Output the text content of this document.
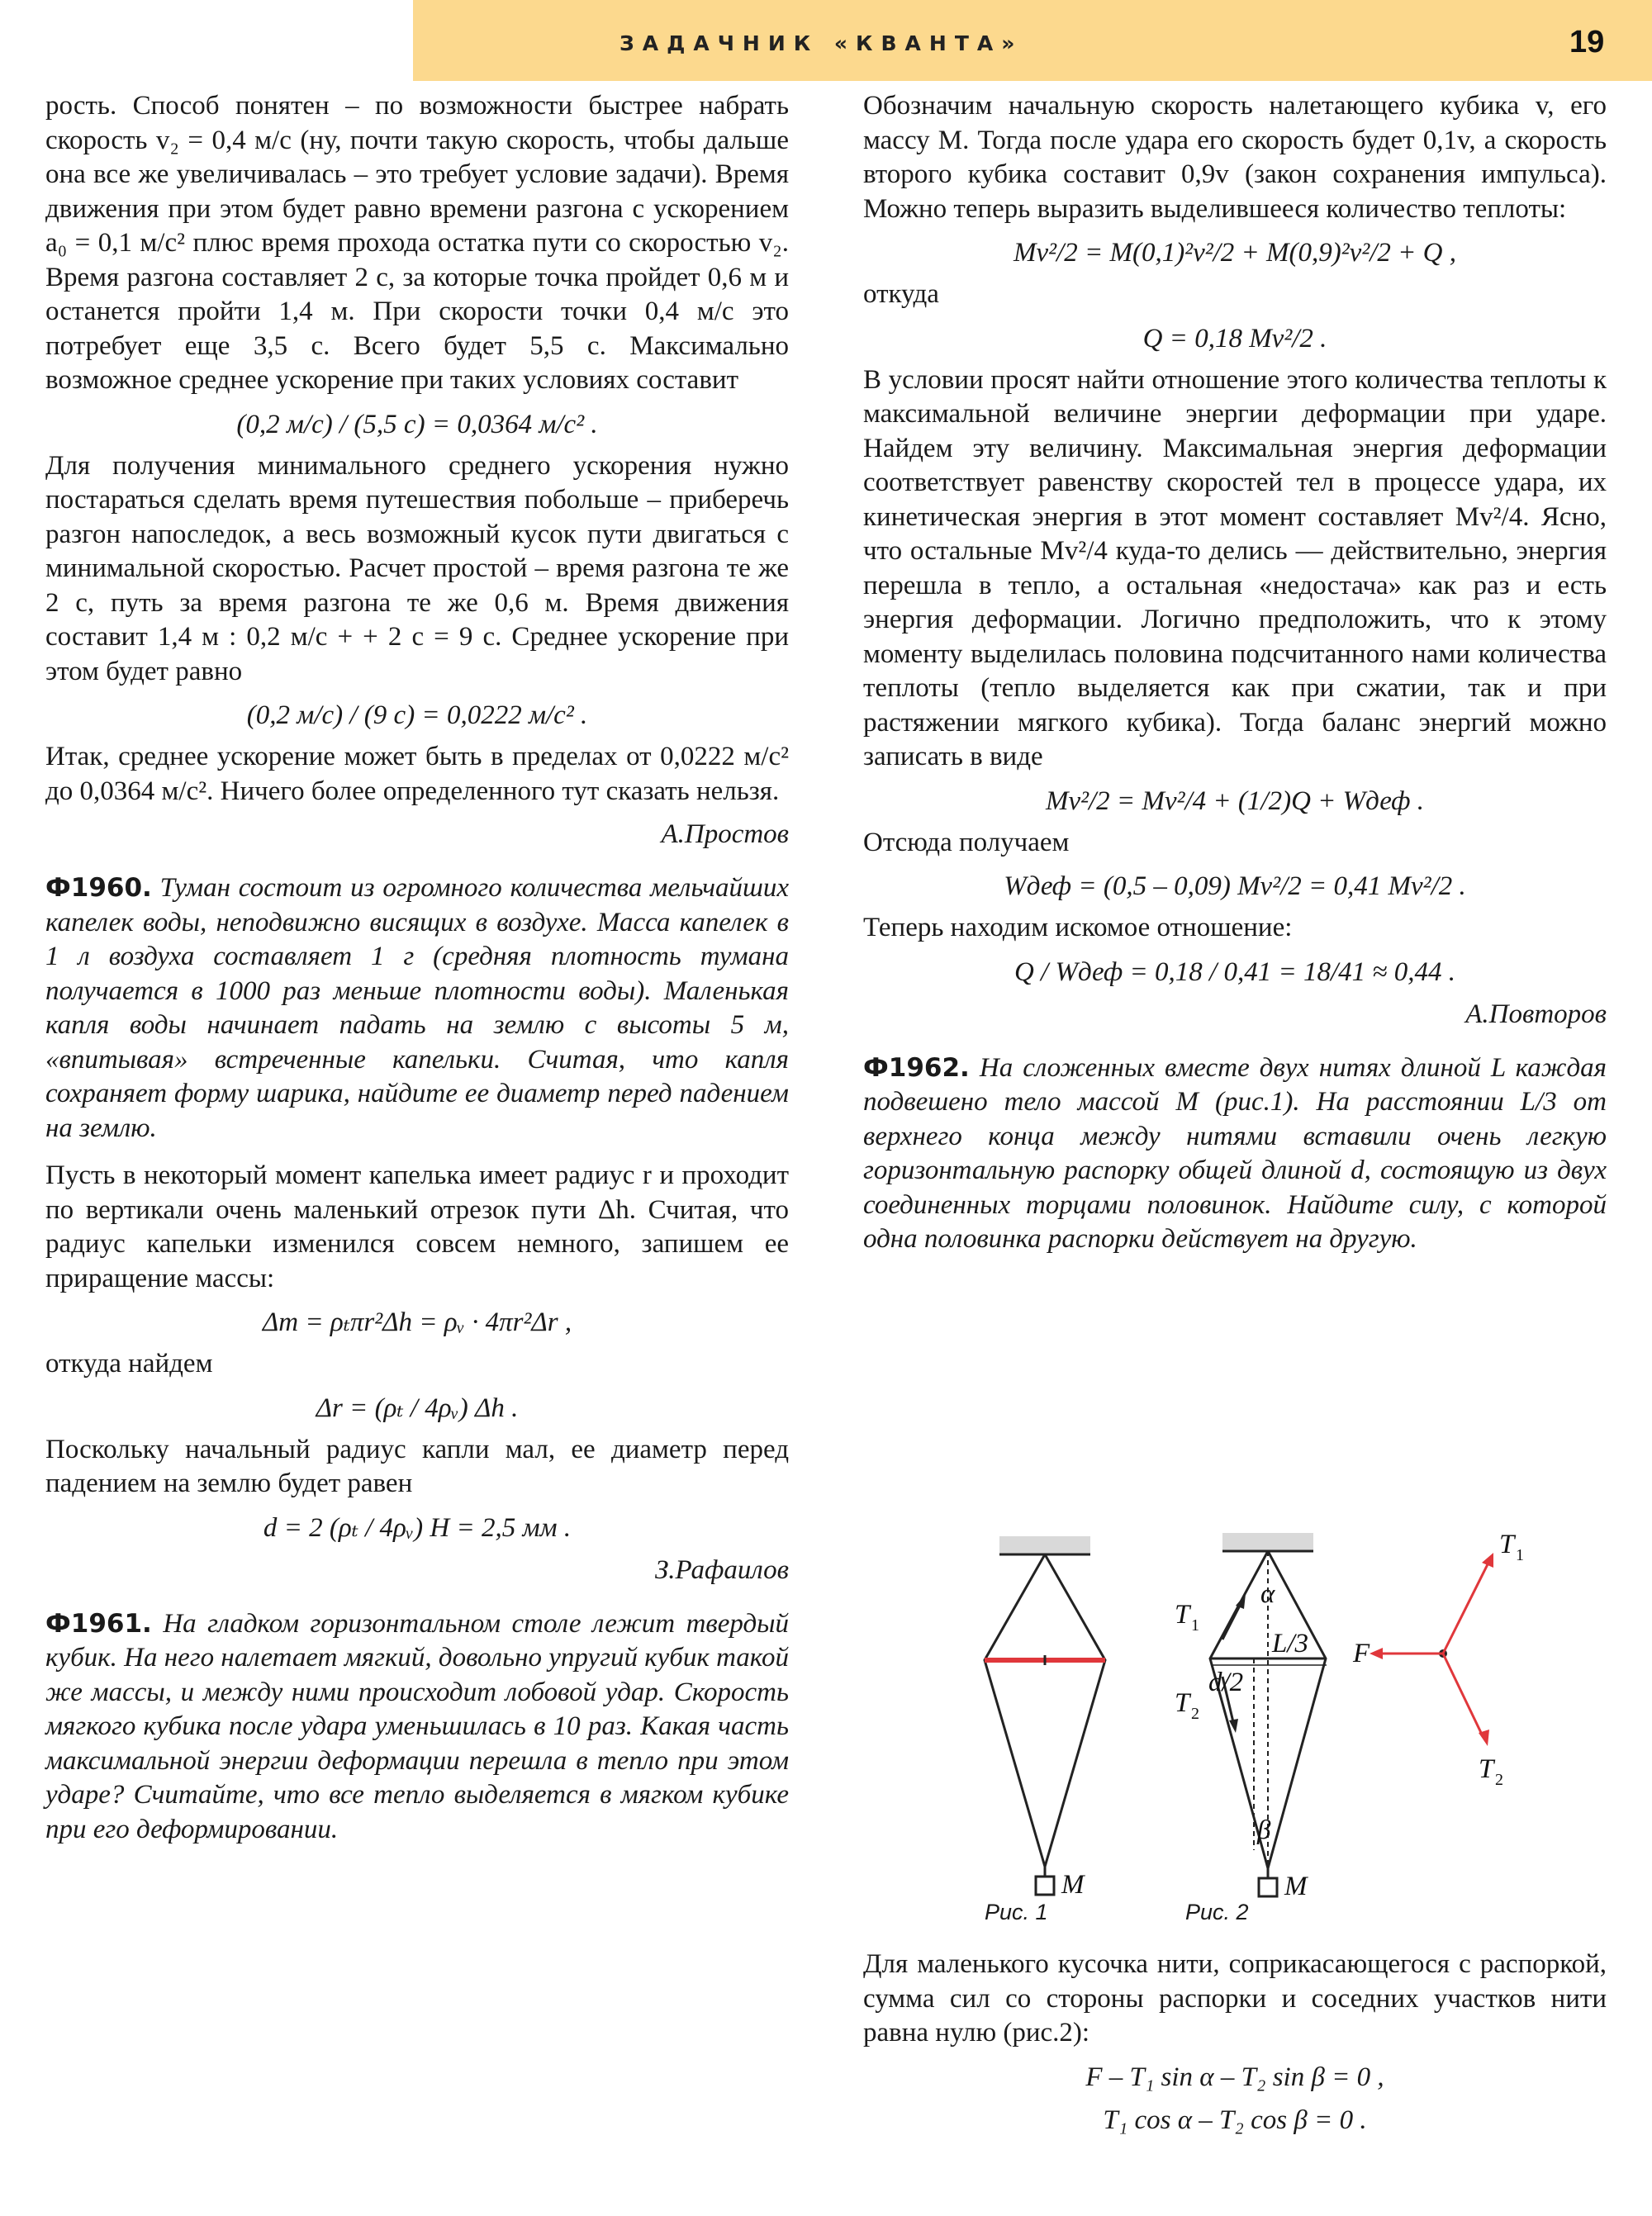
ЗАДАЧНИК «КВАНТА»	19

рость. Способ понятен – по возможности быстрее набрать скорость v₂ = 0,4 м/с (ну, почти такую скорость, чтобы дальше она все же увеличивалась – это требует условие задачи). Время движения при этом будет равно времени разгона с ускорением a₀ = 0,1 м/с² плюс время прохода остатка пути со скоростью v₂. Время разгона составляет 2 с, за которые точка пройдет 0,6 м и останется пройти 1,4 м. При скорости точки 0,4 м/с это потребует еще 3,5 с. Всего будет 5,5 с. Максимально возможное среднее ускорение при таких условиях составит

(0,2 м/с) / (5,5 с) = 0,0364 м/с² .

Для получения минимального среднего ускорения нужно постараться сделать время путешествия побольше – приберечь разгон напоследок, а весь возможный кусок пути двигаться с минимальной скоростью. Расчет простой – время разгона те же 2 с, путь за время разгона те же 0,6 м. Время движения составит 1,4 м : 0,2 м/с + + 2 с = 9 с. Среднее ускорение при этом будет равно

(0,2 м/с) / (9 с) = 0,0222 м/с² .

Итак, среднее ускорение может быть в пределах от 0,0222 м/с² до 0,0364 м/с². Ничего более определенного тут сказать нельзя.

А.Простов

Ф1960. Туман состоит из огромного количества мельчайших капелек воды, неподвижно висящих в воздухе. Масса капелек в 1 л воздуха составляет 1 г (средняя плотность тумана получается в 1000 раз меньше плотности воды). Маленькая капля воды начинает падать на землю с высоты 5 м, «впитывая» встреченные капельки. Считая, что капля сохраняет форму шарика, найдите ее диаметр перед падением на землю.

Пусть в некоторый момент капелька имеет радиус r и проходит по вертикали очень маленький отрезок пути Δh. Считая, что радиус капельки изменился совсем немного, запишем ее приращение массы:

Δm = ρₜπr²Δh = ρᵥ · 4πr²Δr ,

откуда найдем

Δr = (ρₜ / 4ρᵥ) Δh .

Поскольку начальный радиус капли мал, ее диаметр перед падением на землю будет равен

d = 2 (ρₜ / 4ρᵥ) H = 2,5 мм .
З.Рафаилов

Ф1961. На гладком горизонтальном столе лежит твердый кубик. На него налетает мягкий, довольно упругий кубик такой же массы, и между ними происходит лобовой удар. Скорость мягкого кубика после удара уменьшилась в 10 раз. Какая часть максимальной энергии деформации перешла в тепло при этом ударе? Считайте, что все тепло выделяется в мягком кубике при его деформировании.

Обозначим начальную скорость налетающего кубика v, его массу M. Тогда после удара его скорость будет 0,1v, а скорость второго кубика составит 0,9v (закон сохранения импульса). Можно теперь выразить выделившееся количество теплоты:

Mv²/2 = M(0,1)²v²/2 + M(0,9)²v²/2 + Q ,

откуда

Q = 0,18 Mv²/2 .

В условии просят найти отношение этого количества теплоты к максимальной величине энергии деформации при ударе. Найдем эту величину. Максимальная энергия деформации соответствует равенству скоростей тел в процессе удара, их кинетическая энергия в этот момент составляет Mv²/4. Ясно, что остальные Mv²/4 куда-то делись — действительно, энергия перешла в тепло, а остальная «недостача» как раз и есть энергия деформации. Логично предположить, что к этому моменту выделилась половина подсчитанного нами количества теплоты (тепло выделяется как при сжатии, так и при растяжении мягкого кубика). Тогда баланс энергий можно записать в виде

Mv²/2 = Mv²/4 + (1/2)Q + Wдеф .

Отсюда получаем

Wдеф = (0,5 – 0,09) Mv²/2 = 0,41 Mv²/2 .

Теперь находим искомое отношение:

Q / Wдеф = 0,18 / 0,41 = 18/41 ≈ 0,44 .
А.Повторов

Ф1962. На сложенных вместе двух нитях длиной L каждая подвешено тело массой M (рис.1). На расстоянии L/3 от верхнего конца между нитями вставили очень легкую горизонтальную распорку общей длиной d, состоящую из двух соединенных торцами половинок. Найдите силу, с которой одна половинка распорки действует на другую.

M	M
T 1
T 2
α
β
L/3
d/2
F
T 1
T 2
Рис. 1	Рис. 2

Для маленького кусочка нити, соприкасающегося с распоркой, сумма сил со стороны распорки и соседних участков нити равна нулю (рис.2):

F – T₁ sin α – T₂ sin β = 0 ,
T₁ cos α – T₂ cos β = 0 .
